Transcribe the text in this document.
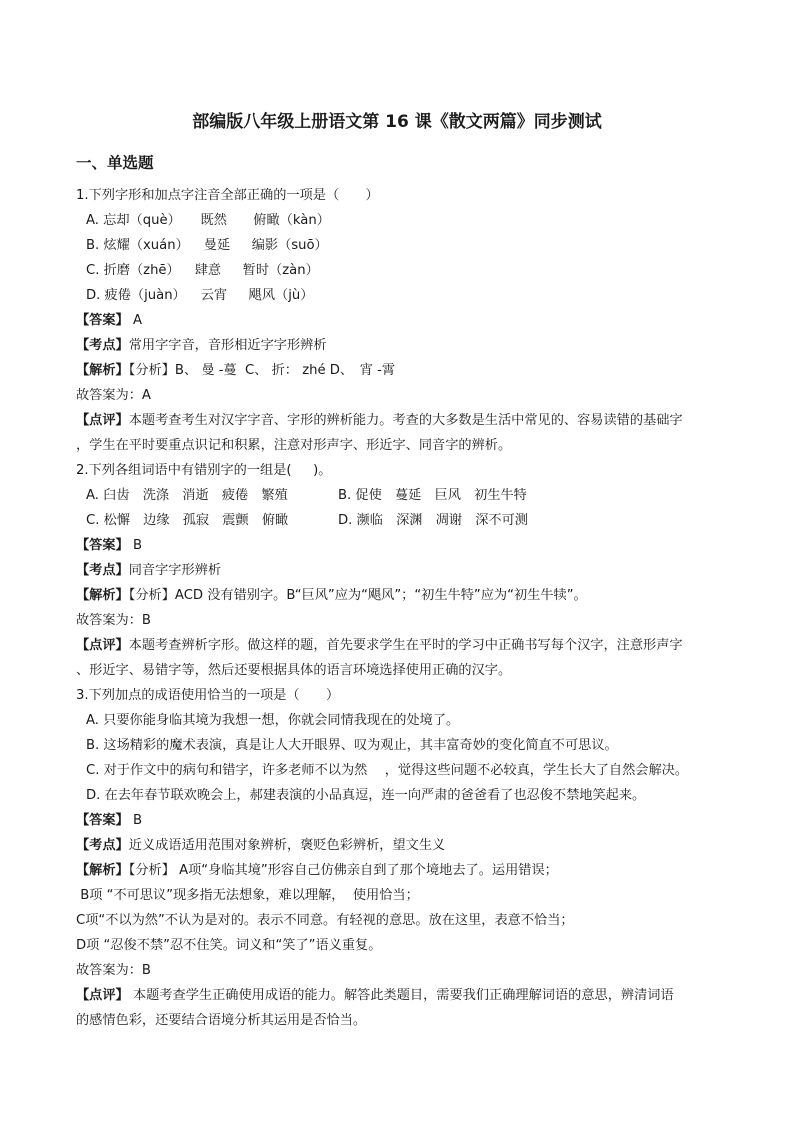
部编版八年级上册语文第 16 课《散文两篇》同步测试
一、单选题
1.下列字形和加点字注音全部正确的一项是（　　）
A. 忘却（què）　　既然　　俯瞰（kàn）
B. 炫耀（xuán）　  曼延　  编影（suō）
C. 折磨（zhē）　  肆意　  暂时（zàn）
D. 疲倦（juàn）　  云宵　  飓风（jù）
【答案】 A
【考点】常用字字音，音形相近字字形辨析
【解析】【分析】B、 曼 -蔓  C、 折： zhé D、　宵 -霄
故答案为：A
【点评】本题考查考生对汉字字音、字形的辨析能力。考查的大多数是生活中常见的、容易读错的基础字
，学生在平时要重点识记和积累，注意对形声字、形近字、同音字的辨析。
2.下列各组词语中有错别字的一组是(　  )。
A. 臼齿　洗涤　消逝　疲倦　繁殖	B. 促使　蔓延　巨风　初生牛特
C. 松懈　边缘　孤寂　震颤　俯瞰	D. 濒临　深渊　凋谢　深不可测
【答案】 B
【考点】同音字字形辨析
【解析】【分析】ACD 没有错别字。B“巨风”应为“飓风”；“初生牛特”应为“初生牛犊”。
故答案为：B
【点评】本题考查辨析字形。做这样的题，首先要求学生在平时的学习中正确书写每个汉字，注意形声字
、形近字、易错字等，然后还要根据具体的语言环境选择使用正确的汉字。
3.下列加点的成语使用恰当的一项是（　　）
A. 只要你能身临其境为我想一想，你就会同情我现在的处境了。
B. 这场精彩的魔术表演，真是让人大开眼界、叹为观止，其丰富奇妙的变化简直不可思议。
C. 对于作文中的病句和错字，许多老师不以为然　 ，觉得这些问题不必较真，学生长大了自然会解决。
D. 在去年春节联欢晚会上，郝建表演的小品真逗，连一向严肃的爸爸看了也忍俊不禁地笑起来。
【答案】 B
【考点】近义成语适用范围对象辨析，褒贬色彩辨析，望文生义
【解析】【分析】 A项“身临其境”形容自己仿佛亲自到了那个境地去了。运用错误；
B项 “不可思议”现多指无法想象，难以理解，  使用恰当；
C项“不以为然”不认为是对的。表示不同意。有轻视的意思。放在这里，表意不恰当；
D项 “忍俊不禁”忍不住笑。词义和“笑了”语义重复。
故答案为：B
【点评】 本题考查学生正确使用成语的能力。解答此类题目，需要我们正确理解词语的意思，辨清词语
的感情色彩，还要结合语境分析其运用是否恰当。
